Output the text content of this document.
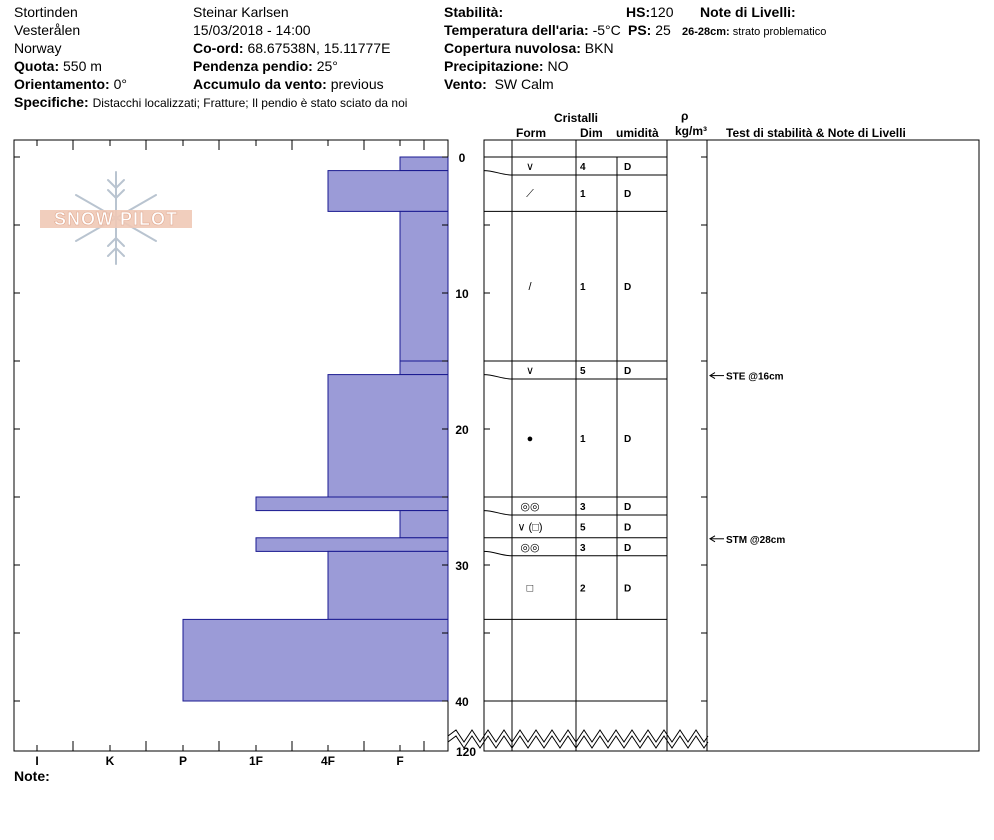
Stortinden
Vesterålen
Norway
Quota: 550 m
Orientamento: 0°
Specifiche: Distacchi localizzati; Fratture; Il pendio è stato sciato da noi
Steinar Karlsen
15/03/2018 - 14:00
Co-ord: 68.67538N, 15.11777E
Pendenza pendio: 25°
Accumulo da vento: previous
Stabilità:
Temperatura dell'aria: -5°C
Copertura nuvolosa: BKN
Precipitazione: NO
Vento: SW Calm
HS:120
PS: 25
Note di Livelli:
26-28cm: strato problematico
Cristalli
Form	Dim umidità
ρ
kg/m³ Test di stabilità & Note di Livelli
SNOW PILOT
I	K	P	1F	4F	F
0
10
20
30
40
∨	4	D
⟋	1	D
/	1	D
∨	5	D
●	1	D
◎◎	3	D
∨ (□)	5	D
◎◎	3	D
□	2	D
STE @16cm
STM @28cm
120
Note:
